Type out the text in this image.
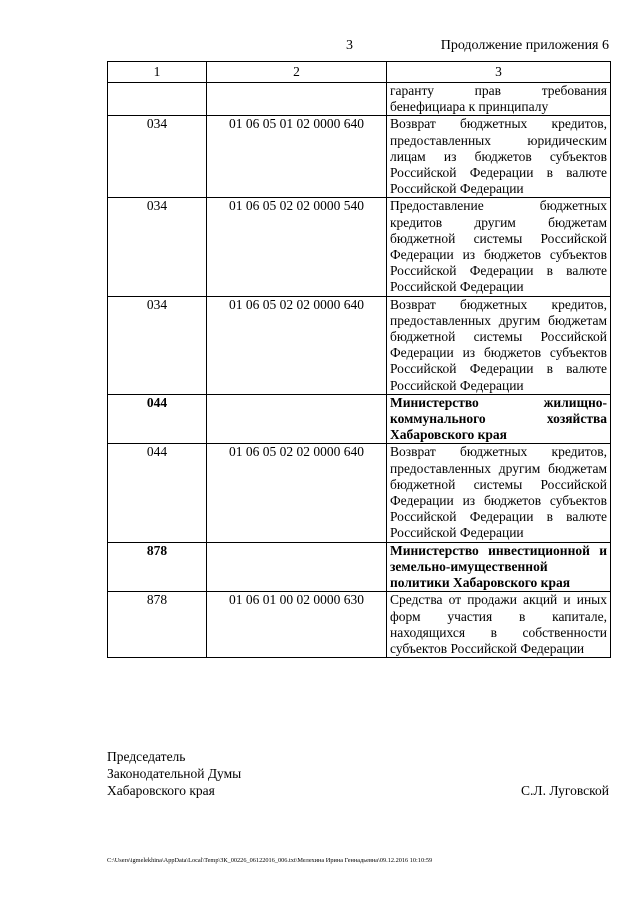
3	Продолжение приложения 6
1	2	3
		гаранту прав требования бенефициара к принципалу
034	01 06 05 01 02 0000 640	Возврат бюджетных кредитов, предоставленных юридическим лицам из бюджетов субъектов Российской Федерации в валюте Российской Федерации
034	01 06 05 02 02 0000 540	Предоставление бюджетных кредитов другим бюджетам бюджетной системы Российской Федерации из бюджетов субъектов Российской Федерации в валюте Российской Федерации
034	01 06 05 02 02 0000 640	Возврат бюджетных кредитов, предоставленных другим бюджетам бюджетной системы Российской Федерации из бюджетов субъектов Российской Федерации в валюте Российской Федерации
044		Министерство жилищно-коммунального хозяйства Хабаровского края
044	01 06 05 02 02 0000 640	Возврат бюджетных кредитов, предоставленных другим бюджетам бюджетной системы Российской Федерации из бюджетов субъектов Российской Федерации в валюте Российской Федерации
878		Министерство инвестиционной и земельно-имущественной политики Хабаровского края
878	01 06 01 00 02 0000 630	Средства от продажи акций и иных форм участия в капитале, находящихся в собственности субъектов Российской Федерации
Председатель
Законодательной Думы
Хабаровского края	С.Л. Луговской
C:\Users\igmelekhina\AppData\Local\Temp\ЗК_00226_06122016_006.txt\Мелехина Ирина Геннадьевна\09.12.2016 10:10:59
